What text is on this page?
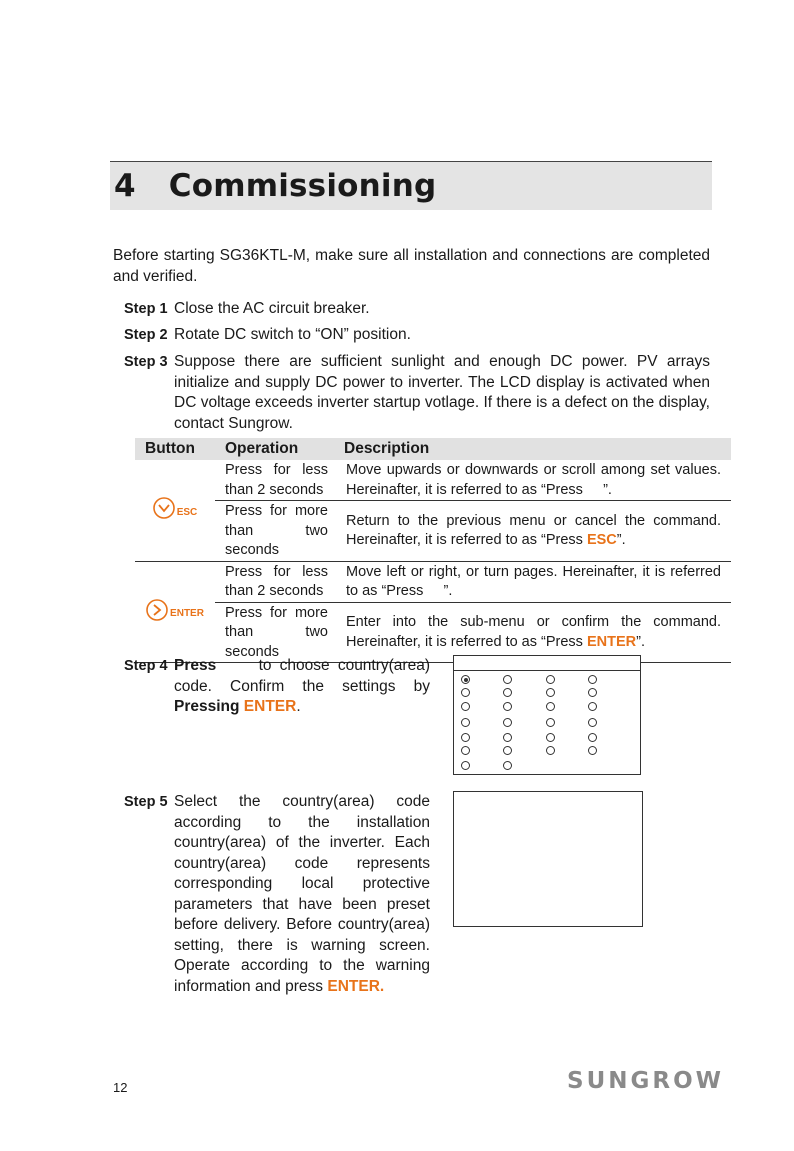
4   Commissioning
Before starting SG36KTL-M, make sure all installation and connections are completed and verified.
Step 1 Close the AC circuit breaker.
Step 2 Rotate DC switch to “ON” position.
Step 3 Suppose there are sufficient sunlight and enough DC power. PV arrays initialize and supply DC power to inverter. The LCD display is activated when DC voltage exceeds inverter startup votlage. If there is a defect on the display, contact Sungrow.
Button	Operation	Description

ESC	Press for less than 2 seconds	Move upwards or downwards or scroll among set values. Hereinafter, it is referred to as “Press     ”.
	Press for more than two seconds	Return to the previous menu or cancel the command. Hereinafter, it is referred to as “Press ESC”.

ENTER	Press for less than 2 seconds	Move left or right, or turn pages. Hereinafter, it is referred to as “Press     ”.
	Press for more than two seconds	Enter into the sub-menu or confirm the command. Hereinafter, it is referred to as “Press ENTER”.
Step 4 Press	to choose country(area) code. Confirm the settings by Pressing ENTER.
Step 5 Select the country(area) code according to the installation country(area) of the inverter. Each country(area) code represents corresponding local protective parameters that have been preset before delivery. Before country(area) setting, there is warning screen. Operate according to the warning information and press ENTER.
12	SUNGROW
